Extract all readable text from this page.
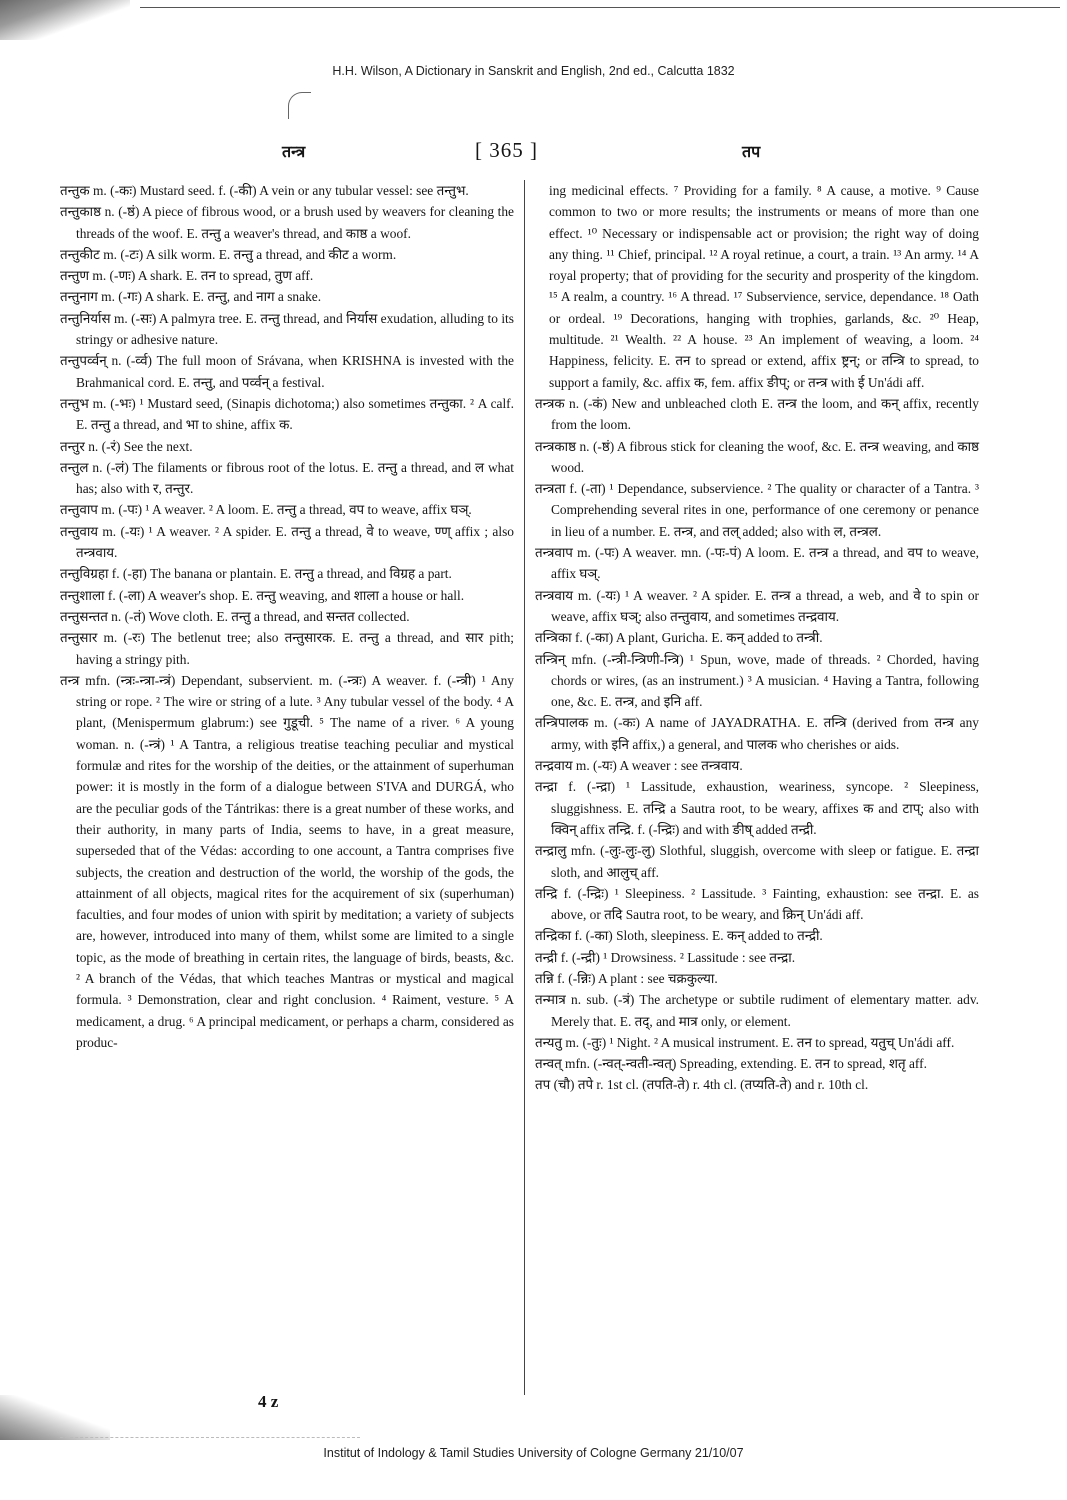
H.H. Wilson, A Dictionary in Sanskrit and English, 2nd ed., Calcutta 1832
तन्त्र	[ 365 ]	तप

तन्तुक m. (-कः) Mustard seed. f. (-की) A vein or any tubular vessel: see तन्तुभ.

तन्तुकाष्ठ n. (-ष्ठं) A piece of fibrous wood, or a brush used by weavers for cleaning the threads of the woof. E. तन्तु a weaver's thread, and काष्ठ a woof.

तन्तुकीट m. (-टः) A silk worm. E. तन्तु a thread, and कीट a worm.

तन्तुण m. (-णः) A shark. E. तन to spread, तुण aff.

तन्तुनाग m. (-गः) A shark. E. तन्तु, and नाग a snake.

तन्तुनिर्यास m. (-सः) A palmyra tree. E. तन्तु thread, and निर्यास exudation, alluding to its stringy or adhesive nature.

तन्तुपर्व्वन् n. (-र्व्व) The full moon of Srávana, when KRISHNA is invested with the Brahmanical cord. E. तन्तु, and पर्व्वन् a festival.

तन्तुभ m. (-भः) ¹ Mustard seed, (Sinapis dichotoma;) also sometimes तन्तुका. ² A calf. E. तन्तु a thread, and भा to shine, affix क.

तन्तुर n. (-रं) See the next.

तन्तुल n. (-लं) The filaments or fibrous root of the lotus. E. तन्तु a thread, and ल what has; also with र, तन्तुर.

तन्तुवाप m. (-पः) ¹ A weaver. ² A loom. E. तन्तु a thread, वप to weave, affix घञ्.

तन्तुवाय m. (-यः) ¹ A weaver. ² A spider. E. तन्तु a thread, वे to weave, ण्ण् affix ; also तन्त्रवाय.

तन्तुविग्रहा f. (-हा) The banana or plantain. E. तन्तु a thread, and विग्रह a part.

तन्तुशाला f. (-ला) A weaver's shop. E. तन्तु weaving, and शाला a house or hall.

तन्तुसन्तत n. (-तं) Wove cloth. E. तन्तु a thread, and सन्तत collected.

तन्तुसार m. (-रः) The betlenut tree; also तन्तुसारक. E. तन्तु a thread, and सार pith; having a stringy pith.

तन्त्र mfn. (न्त्रः-न्त्रा-न्त्रं) Dependant, subservient. m. (-न्त्रः) A weaver. f. (-न्त्री) ¹ Any string or rope. ² The wire or string of a lute. ³ Any tubular vessel of the body. ⁴ A plant, (Menispermum glabrum:) see गुडूची. ⁵ The name of a river. ⁶ A young woman. n. (-न्त्रं) ¹ A Tantra, a religious treatise teaching peculiar and mystical formulæ and rites for the worship of the deities, or the attainment of superhuman power: it is mostly in the form of a dialogue between S'IVA and DURGÁ, who are the peculiar gods of the Tántrikas: there is a great number of these works, and their authority, in many parts of India, seems to have, in a great measure, superseded that of the Védas: according to one account, a Tantra comprises five subjects, the creation and destruction of the world, the worship of the gods, the attainment of all objects, magical rites for the acquirement of six (superhuman) faculties, and four modes of union with spirit by meditation; a variety of subjects are, however, introduced into many of them, whilst some are limited to a single topic, as the mode of breathing in certain rites, the language of birds, beasts, &c. ² A branch of the Védas, that which teaches Mantras or mystical and magical formula. ³ Demonstration, clear and right conclusion. ⁴ Raiment, vesture. ⁵ A medicament, a drug. ⁶ A principal medicament, or perhaps a charm, considered as produc-

ing medicinal effects. ⁷ Providing for a family. ⁸ A cause, a motive. ⁹ Cause common to two or more results; the instruments or means of more than one effect. ¹⁰ Necessary or indispensable act or provision; the right way of doing any thing. ¹¹ Chief, principal. ¹² A royal retinue, a court, a train. ¹³ An army. ¹⁴ A royal property; that of providing for the security and prosperity of the kingdom. ¹⁵ A realm, a country. ¹⁶ A thread. ¹⁷ Subservience, service, dependance. ¹⁸ Oath or ordeal. ¹⁹ Decorations, hanging with trophies, garlands, &c. ²⁰ Heap, multitude. ²¹ Wealth. ²² A house. ²³ An implement of weaving, a loom. ²⁴ Happiness, felicity. E. तन to spread or extend, affix ष्ट्रन्; or तन्त्रि to spread, to support a family, &c. affix क, fem. affix ङीप्; or तन्त्र with ई Un'ádi aff.

तन्त्रक n. (-कं) New and unbleached cloth E. तन्त्र the loom, and कन् affix, recently from the loom.

तन्त्रकाष्ठ n. (-ष्ठं) A fibrous stick for cleaning the woof, &c. E. तन्त्र weaving, and काष्ठ wood.

तन्त्रता f. (-ता) ¹ Dependance, subservience. ² The quality or character of a Tantra. ³ Comprehending several rites in one, performance of one ceremony or penance in lieu of a number. E. तन्त्र, and तल् added; also with ल, तन्त्रल.

तन्त्रवाप m. (-पः) A weaver. mn. (-पः-पं) A loom. E. तन्त्र a thread, and वप to weave, affix घञ्.

तन्त्रवाय m. (-यः) ¹ A weaver. ² A spider. E. तन्त्र a thread, a web, and वे to spin or weave, affix घञ्; also तन्तुवाय, and sometimes तन्द्रवाय.

तन्त्रिका f. (-का) A plant, Guricha. E. कन् added to तन्त्री.

तन्त्रिन् mfn. (-न्त्री-न्त्रिणी-न्त्रि) ¹ Spun, wove, made of threads. ² Chorded, having chords or wires, (as an instrument.) ³ A musician. ⁴ Having a Tantra, following one, &c. E. तन्त्र, and इनि aff.

तन्त्रिपालक m. (-कः) A name of JAYADRATHA. E. तन्त्रि (derived from तन्त्र any army, with इनि affix,) a general, and पालक who cherishes or aids.

तन्द्रवाय m. (-यः) A weaver : see तन्त्रवाय.

तन्द्रा f. (-न्द्रा) ¹ Lassitude, exhaustion, weariness, syncope. ² Sleepiness, sluggishness. E. तन्द्रि a Sautra root, to be weary, affixes क and टाप्; also with क्विन् affix तन्द्रि. f. (-न्द्रिः) and with ङीष् added तन्द्री.

तन्द्रालु mfn. (-लुः-लुः-लु) Slothful, sluggish, overcome with sleep or fatigue. E. तन्द्रा sloth, and आलुच् aff.

तन्द्रि f. (-न्द्रिः) ¹ Sleepiness. ² Lassitude. ³ Fainting, exhaustion: see तन्द्रा. E. as above, or तदि Sautra root, to be weary, and क्रिन् Un'ádi aff.

तन्द्रिका f. (-का) Sloth, sleepiness. E. कन् added to तन्द्री.

तन्द्री f. (-न्द्री) ¹ Drowsiness. ² Lassitude : see तन्द्रा.

तन्नि f. (-न्निः) A plant : see चक्रकुल्या.

तन्मात्र n. sub. (-त्रं) The archetype or subtile rudiment of elementary matter. adv. Merely that. E. तद्, and मात्र only, or element.

तन्यतु m. (-तुः) ¹ Night. ² A musical instrument. E. तन to spread, यतुच् Un'ádi aff.

तन्वत् mfn. (-न्वत्-न्वती-न्वत्) Spreading, extending. E. तन to spread, शतृ aff.

तप (चौ) तपे r. 1st cl. (तपति-ते) r. 4th cl. (तप्यति-ते) and r. 10th cl.

4 z
Institut of Indology & Tamil Studies University of Cologne Germany 21/10/07
